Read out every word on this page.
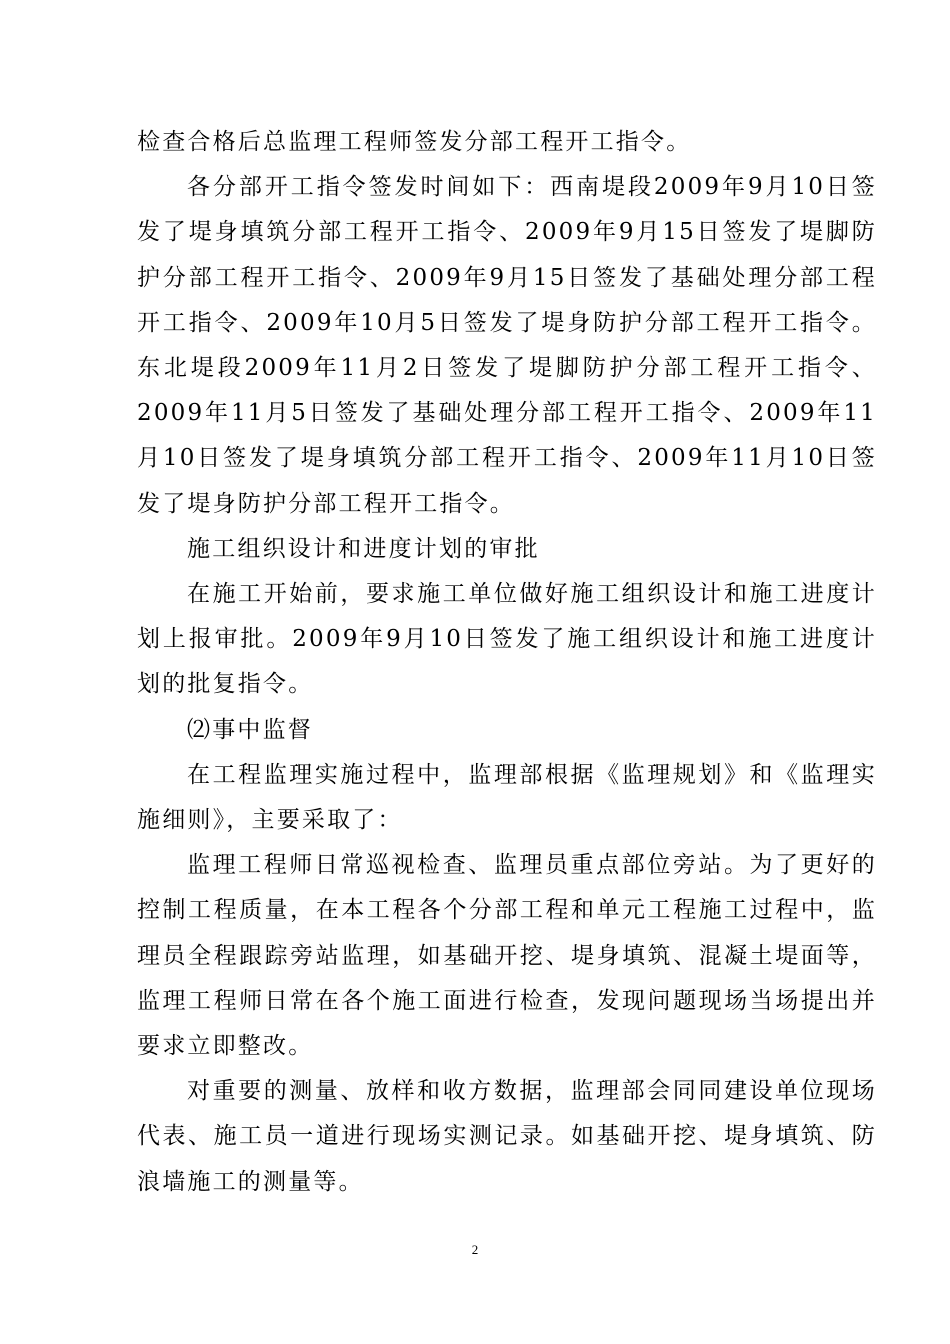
检查合格后总监理工程师签发分部工程开工指令。

各分部开工指令签发时间如下：西南堤段2009年9月10日签发了堤身填筑分部工程开工指令、2009年9月15日签发了堤脚防护分部工程开工指令、2009年9月15日签发了基础处理分部工程开工指令、2009年10月5日签发了堤身防护分部工程开工指令。东北堤段2009年11月2日签发了堤脚防护分部工程开工指令、2009年11月5日签发了基础处理分部工程开工指令、2009年11月10日签发了堤身填筑分部工程开工指令、2009年11月10日签发了堤身防护分部工程开工指令。

施工组织设计和进度计划的审批

在施工开始前，要求施工单位做好施工组织设计和施工进度计划上报审批。2009年9月10日签发了施工组织设计和施工进度计划的批复指令。

⑵事中监督

在工程监理实施过程中，监理部根据《监理规划》和《监理实施细则》，主要采取了：

监理工程师日常巡视检查、监理员重点部位旁站。为了更好的控制工程质量，在本工程各个分部工程和单元工程施工过程中，监理员全程跟踪旁站监理，如基础开挖、堤身填筑、混凝土堤面等，监理工程师日常在各个施工面进行检查，发现问题现场当场提出并要求立即整改。

对重要的测量、放样和收方数据，监理部会同同建设单位现场代表、施工员一道进行现场实测记录。如基础开挖、堤身填筑、防浪墙施工的测量等。

2
